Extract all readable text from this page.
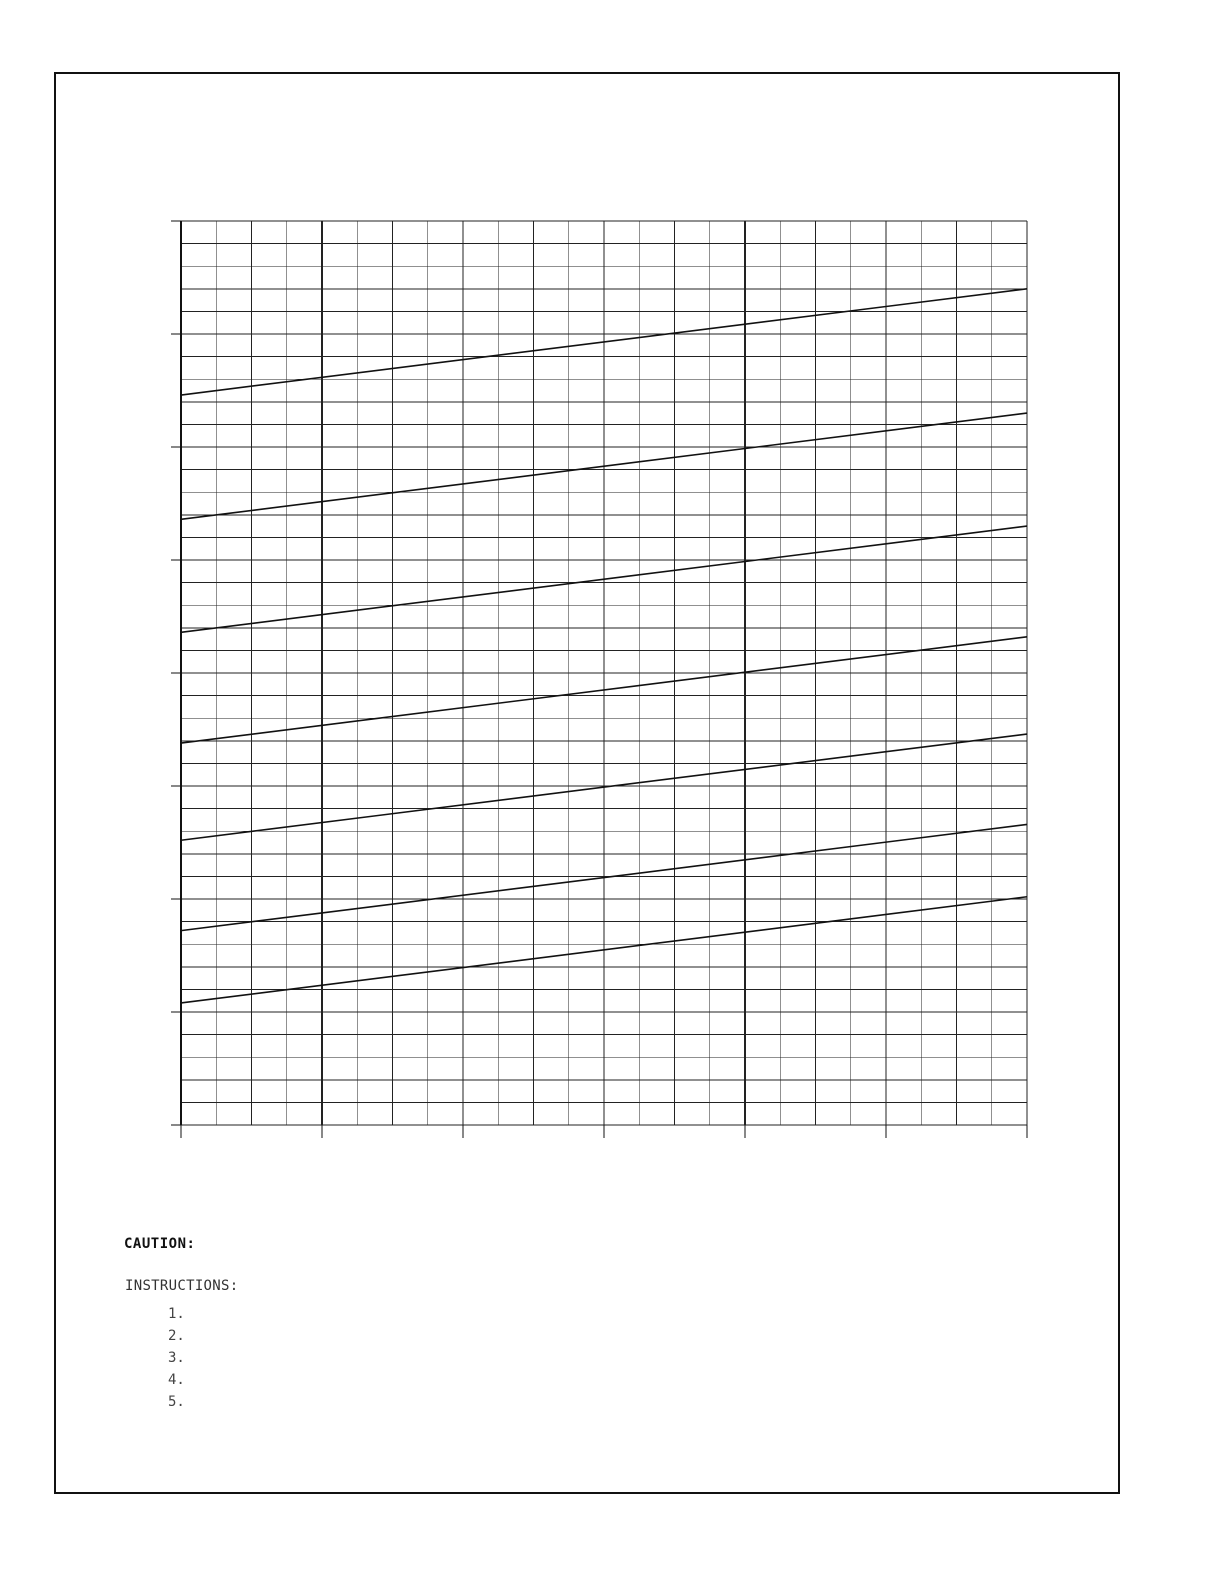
CAUTION:
INSTRUCTIONS:
1.
2.
3.
4.
5.
